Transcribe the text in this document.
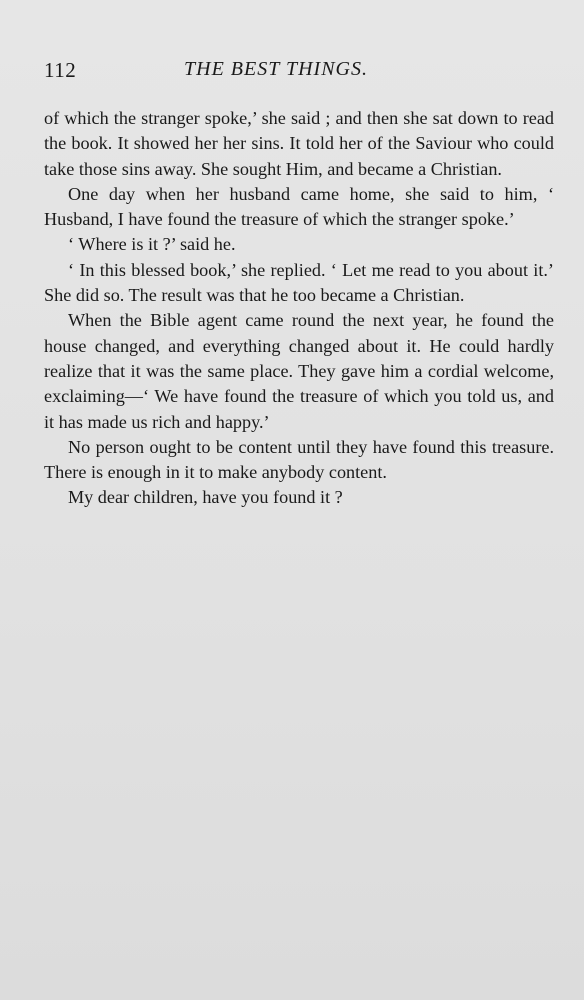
112	THE BEST THINGS.

of which the stranger spoke,’ she said ; and then she sat down to read the book. It showed her her sins. It told her of the Saviour who could take those sins away. She sought Him, and became a Christian.

One day when her husband came home, she said to him, ‘ Husband, I have found the treasure of which the stranger spoke.’

‘ Where is it ?’ said he.

‘ In this blessed book,’ she replied. ‘ Let me read to you about it.’ She did so. The result was that he too became a Christian.

When the Bible agent came round the next year, he found the house changed, and everything changed about it. He could hardly realize that it was the same place. They gave him a cordial welcome, exclaiming—‘ We have found the treasure of which you told us, and it has made us rich and happy.’

No person ought to be content until they have found this treasure. There is enough in it to make anybody content.

My dear children, have you found it ?
